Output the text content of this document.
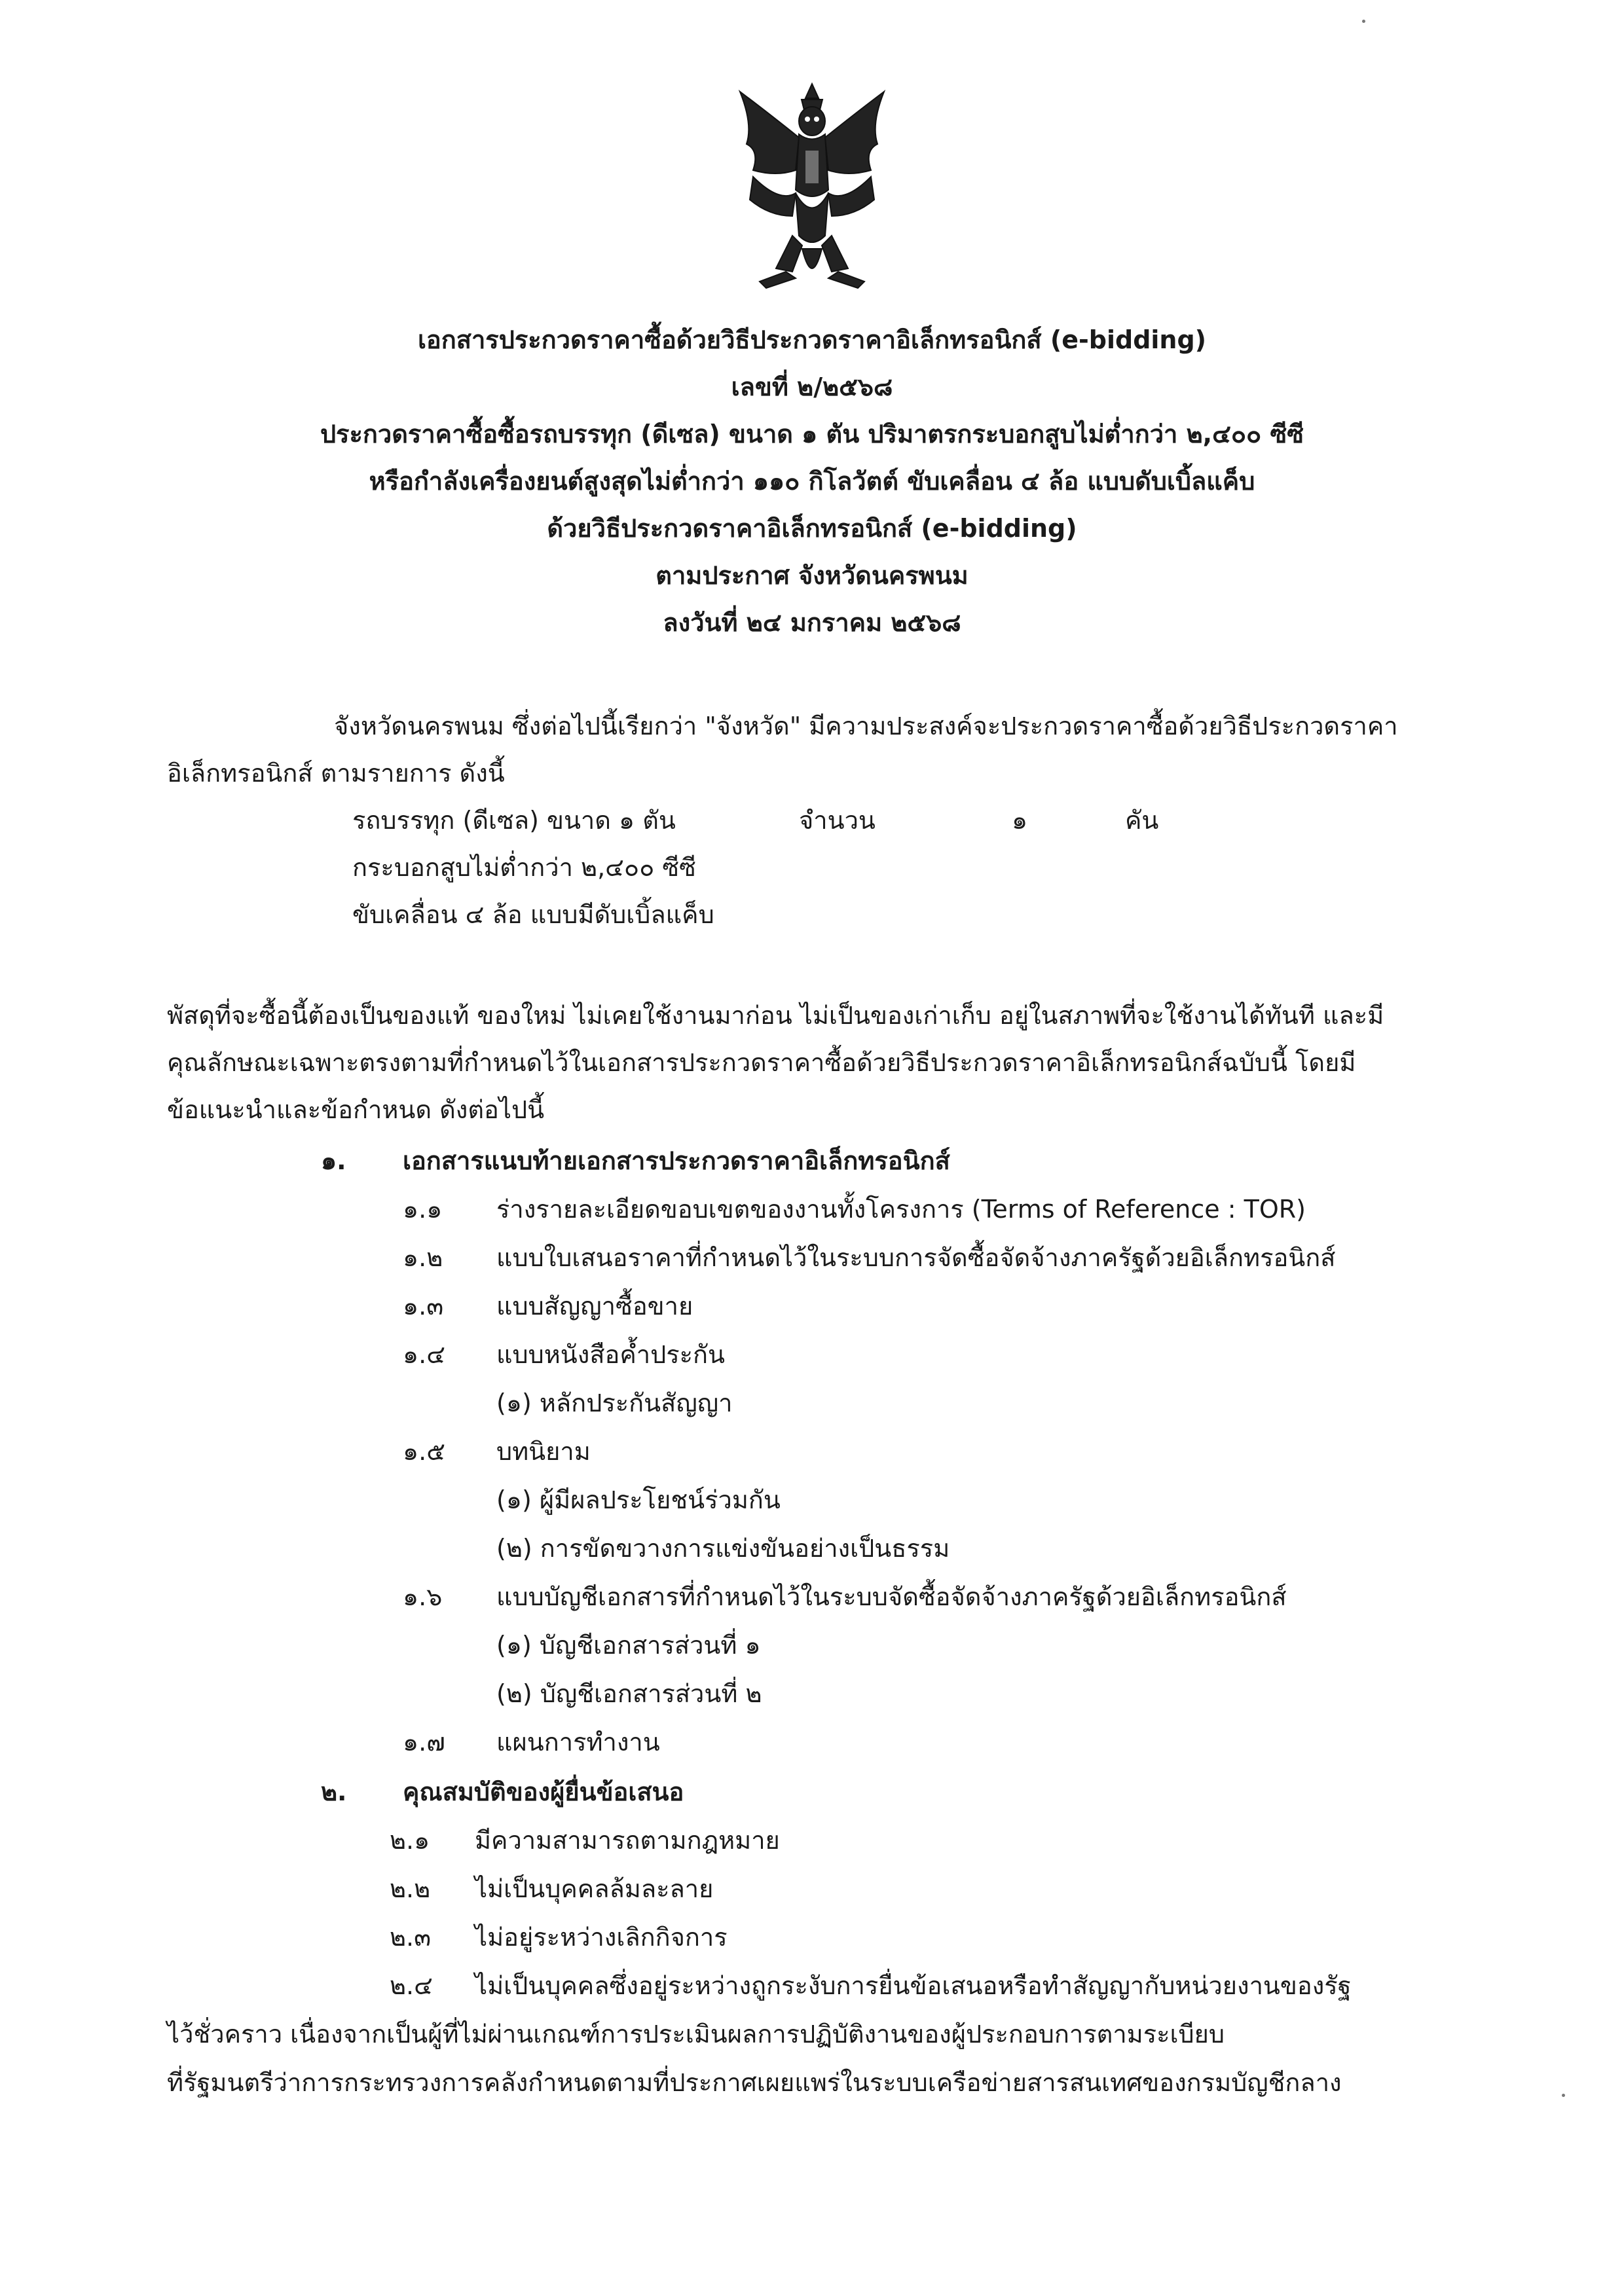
เอกสารประกวดราคาซื้อด้วยวิธีประกวดราคาอิเล็กทรอนิกส์ (e-bidding)
เลขที่ ๒/๒๕๖๘
ประกวดราคาซื้อซื้อรถบรรทุก (ดีเซล) ขนาด ๑ ตัน ปริมาตรกระบอกสูบไม่ต่ำกว่า ๒,๔๐๐ ซีซี
หรือกำลังเครื่องยนต์สูงสุดไม่ต่ำกว่า ๑๑๐ กิโลวัตต์ ขับเคลื่อน ๔ ล้อ แบบดับเบิ้ลแค็บ
ด้วยวิธีประกวดราคาอิเล็กทรอนิกส์ (e-bidding)
ตามประกาศ จังหวัดนครพนม
ลงวันที่ ๒๔ มกราคม ๒๕๖๘
จังหวัดนครพนม ซึ่งต่อไปนี้เรียกว่า "จังหวัด" มีความประสงค์จะประกวดราคาซื้อด้วยวิธีประกวดราคา
อิเล็กทรอนิกส์ ตามรายการ ดังนี้
รถบรรทุก (ดีเซล) ขนาด ๑ ตัน	จำนวน	๑	คัน
กระบอกสูบไม่ต่ำกว่า ๒,๔๐๐ ซีซี
ขับเคลื่อน ๔ ล้อ แบบมีดับเบิ้ลแค็บ
พัสดุที่จะซื้อนี้ต้องเป็นของแท้ ของใหม่ ไม่เคยใช้งานมาก่อน ไม่เป็นของเก่าเก็บ อยู่ในสภาพที่จะใช้งานได้ทันที และมี
คุณลักษณะเฉพาะตรงตามที่กำหนดไว้ในเอกสารประกวดราคาซื้อด้วยวิธีประกวดราคาอิเล็กทรอนิกส์ฉบับนี้ โดยมี
ข้อแนะนำและข้อกำหนด ดังต่อไปนี้
๑. เอกสารแนบท้ายเอกสารประกวดราคาอิเล็กทรอนิกส์
๑.๑ ร่างรายละเอียดขอบเขตของงานทั้งโครงการ (Terms of Reference : TOR)
๑.๒ แบบใบเสนอราคาที่กำหนดไว้ในระบบการจัดซื้อจัดจ้างภาครัฐด้วยอิเล็กทรอนิกส์
๑.๓ แบบสัญญาซื้อขาย
๑.๔ แบบหนังสือค้ำประกัน
(๑) หลักประกันสัญญา
๑.๕ บทนิยาม
(๑) ผู้มีผลประโยชน์ร่วมกัน
(๒) การขัดขวางการแข่งขันอย่างเป็นธรรม
๑.๖ แบบบัญชีเอกสารที่กำหนดไว้ในระบบจัดซื้อจัดจ้างภาครัฐด้วยอิเล็กทรอนิกส์
(๑) บัญชีเอกสารส่วนที่ ๑
(๒) บัญชีเอกสารส่วนที่ ๒
๑.๗ แผนการทำงาน
๒. คุณสมบัติของผู้ยื่นข้อเสนอ
๒.๑ มีความสามารถตามกฎหมาย
๒.๒ ไม่เป็นบุคคลล้มละลาย
๒.๓ ไม่อยู่ระหว่างเลิกกิจการ
๒.๔ ไม่เป็นบุคคลซึ่งอยู่ระหว่างถูกระงับการยื่นข้อเสนอหรือทำสัญญากับหน่วยงานของรัฐ
ไว้ชั่วคราว เนื่องจากเป็นผู้ที่ไม่ผ่านเกณฑ์การประเมินผลการปฏิบัติงานของผู้ประกอบการตามระเบียบ
ที่รัฐมนตรีว่าการกระทรวงการคลังกำหนดตามที่ประกาศเผยแพร่ในระบบเครือข่ายสารสนเทศของกรมบัญชีกลาง
